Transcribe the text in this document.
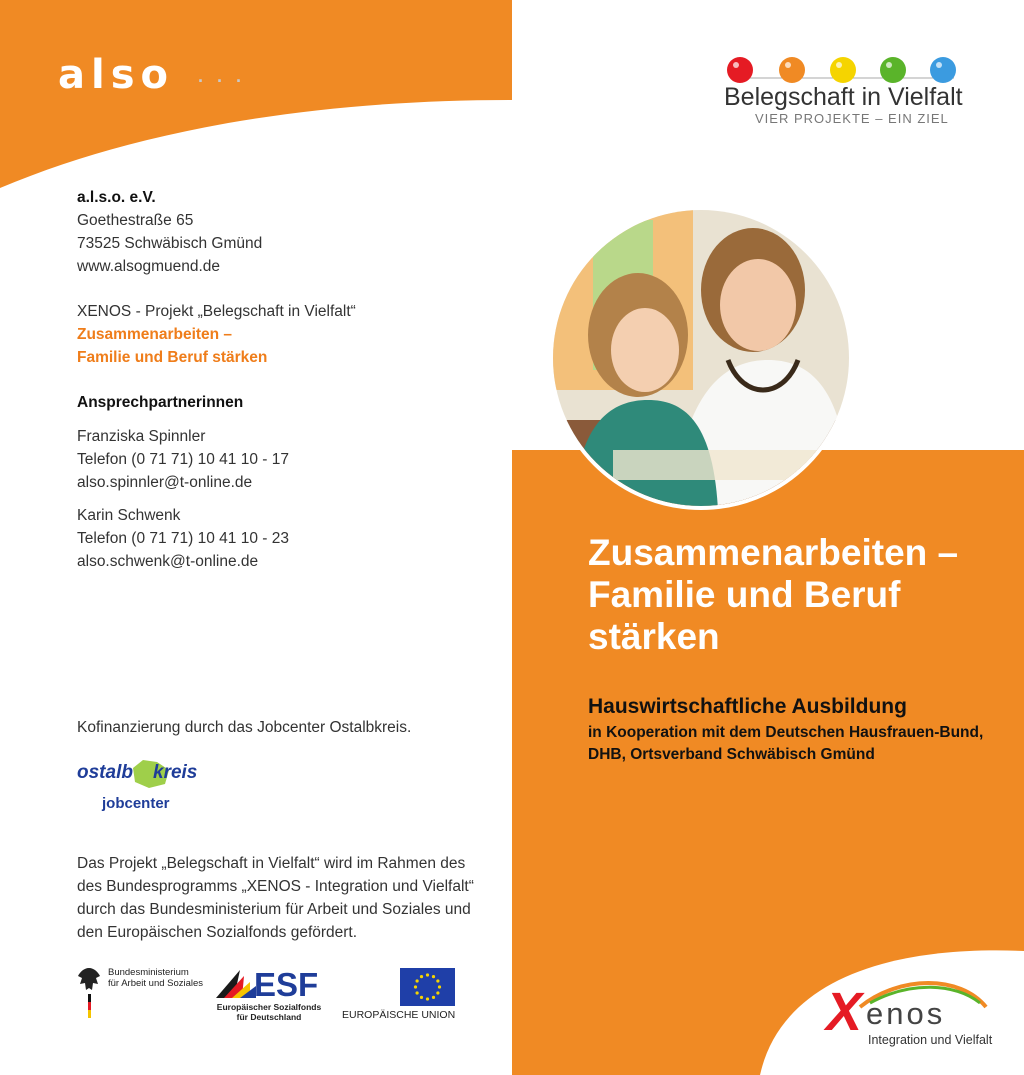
also ...
Belegschaft in Vielfalt
VIER PROJEKTE – EIN ZIEL
a.l.s.o. e.V.
Goethestraße 65
73525 Schwäbisch Gmünd
www.alsogmuend.de
XENOS - Projekt „Belegschaft in Vielfalt“
Zusammenarbeiten –
Familie und Beruf stärken
Ansprechpartnerinnen
Franziska Spinnler
Telefon (0 71 71) 10 41 10 - 17
also.spinnler@t-online.de
Karin Schwenk
Telefon (0 71 71) 10 41 10 - 23
also.schwenk@t-online.de
Kofinanzierung durch das Jobcenter Ostalbkreis.
ostalb kreis
jobcenter
Das Projekt „Belegschaft in Vielfalt“ wird im Rahmen des
des Bundesprogramms „XENOS - Integration und Vielfalt“
durch das Bundesministerium für Arbeit und Soziales und
den Europäischen Sozialfonds gefördert.
Bundesministerium
für Arbeit und Soziales ESF
Europäischer Sozialfonds
für Deutschland	EUROPÄISCHE UNION
Zusammenarbeiten –
Familie und Beruf
stärken
Hauswirtschaftliche Ausbildung
in Kooperation mit dem Deutschen Hausfrauen-Bund,
DHB, Ortsverband Schwäbisch Gmünd
X enos
Integration und Vielfalt
